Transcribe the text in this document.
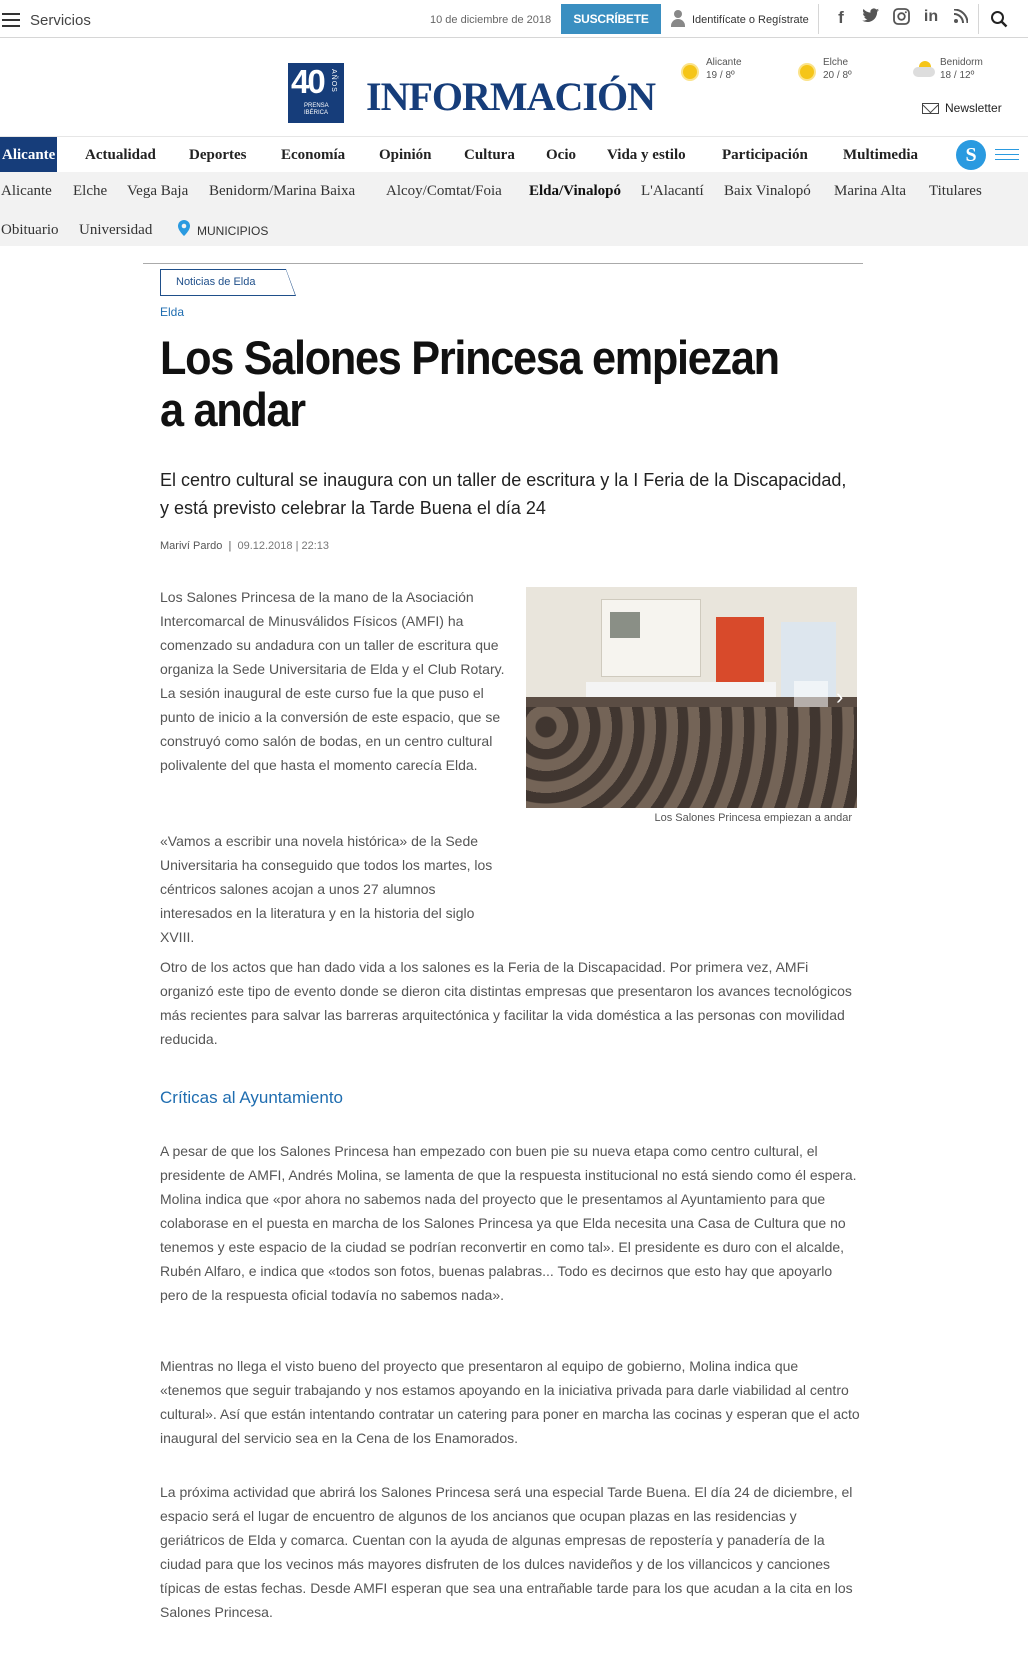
Servicios	10 de diciembre de 2018	SUSCRÍBETE	Identifícate o Regístrate	f	in
40 AÑOS
PRENSA IBÉRICA INFORMACIÓN
Alicante
19 / 8º
Elche
20 / 8º
Benidorm
18 / 12º
Newsletter
Alicante Actualidad Deportes Economía Opinión Cultura Ocio Vida y estilo Participación Multimedia	S
Alicante Elche Vega Baja Benidorm/Marina Baixa Alcoy/Comtat/Foia Elda/Vinalopó L'Alacantí Baix Vinalopó Marina Alta Titulares
Obituario Universidad	MUNICIPIOS
Noticias de Elda
Elda
Los Salones Princesa empiezan a andar
El centro cultural se inaugura con un taller de escritura y la I Feria de la Discapacidad, y está previsto celebrar la Tarde Buena el día 24
Mariví Pardo  |  09.12.2018 | 22:13
›
Los Salones Princesa empiezan a andar

Los Salones Princesa de la mano de la Asociación Intercomarcal de Minusválidos Físicos (AMFI) ha comenzado su andadura con un taller de escritura que organiza la Sede Universitaria de Elda y el Club Rotary. La sesión inaugural de este curso fue la que puso el punto de inicio a la conversión de este espacio, que se construyó como salón de bodas, en un centro cultural polivalente del que hasta el momento carecía Elda.

«Vamos a escribir una novela histórica» de la Sede Universitaria ha conseguido que todos los martes, los céntricos salones acojan a unos 27 alumnos interesados en la literatura y en la historia del siglo XVIII.

Otro de los actos que han dado vida a los salones es la Feria de la Discapacidad. Por primera vez, AMFi organizó este tipo de evento donde se dieron cita distintas empresas que presentaron los avances tecnológicos más recientes para salvar las barreras arquitectónica y facilitar la vida doméstica a las personas con movilidad reducida.

Críticas al Ayuntamiento

A pesar de que los Salones Princesa han empezado con buen pie su nueva etapa como centro cultural, el presidente de AMFI, Andrés Molina, se lamenta de que la respuesta institucional no está siendo como él espera. Molina indica que «por ahora no sabemos nada del proyecto que le presentamos al Ayuntamiento para que colaborase en el puesta en marcha de los Salones Princesa ya que Elda necesita una Casa de Cultura que no tenemos y este espacio de la ciudad se podrían reconvertir en como tal». El presidente es duro con el alcalde, Rubén Alfaro, e indica que «todos son fotos, buenas palabras... Todo es decirnos que esto hay que apoyarlo pero de la respuesta oficial todavía no sabemos nada».

Mientras no llega el visto bueno del proyecto que presentaron al equipo de gobierno, Molina indica que «tenemos que seguir trabajando y nos estamos apoyando en la iniciativa privada para darle viabilidad al centro cultural». Así que están intentando contratar un catering para poner en marcha las cocinas y esperan que el acto inaugural del servicio sea en la Cena de los Enamorados.

La próxima actividad que abrirá los Salones Princesa será una especial Tarde Buena. El día 24 de diciembre, el espacio será el lugar de encuentro de algunos de los ancianos que ocupan plazas en las residencias y geriátricos de Elda y comarca. Cuentan con la ayuda de algunas empresas de repostería y panadería de la ciudad para que los vecinos más mayores disfruten de los dulces navideños y de los villancicos y canciones típicas de estas fechas. Desde AMFI esperan que sea una entrañable tarde para los que acudan a la cita en los Salones Princesa.
